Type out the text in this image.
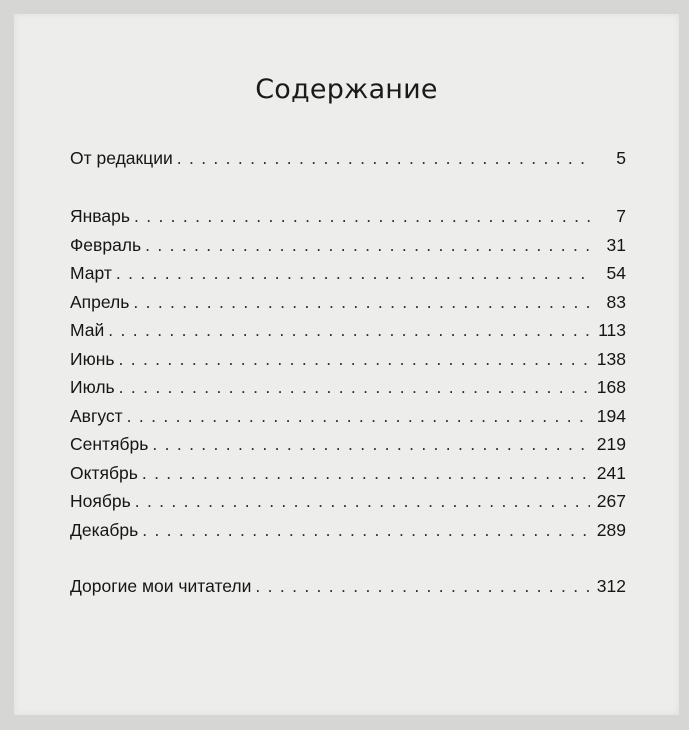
Содержание
От редакции . . .	5
Январь . . .	7
Февраль . . .	31
Март . . .	54
Апрель . . .	83
Май . . .	113
Июнь . . .	138
Июль . . .	168
Август . . .	194
Сентябрь . . .	219
Октябрь . . .	241
Ноябрь . . .	267
Декабрь . . .	289
Дорогие мои читатели . . .	312
